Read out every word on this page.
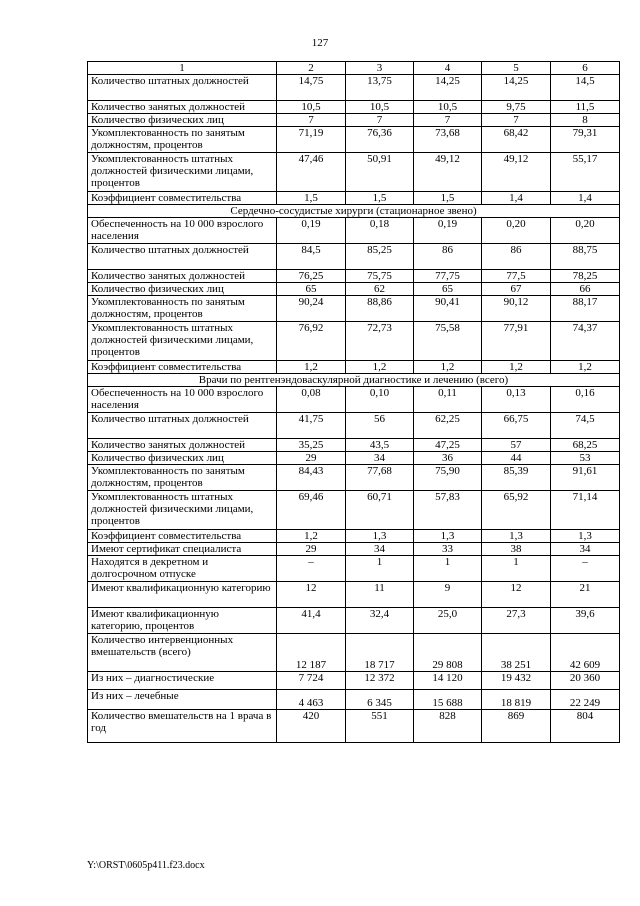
127
1	2	3	4	5	6
Количество штатных должностей	14,75	13,75	14,25	14,25	14,5
Количество занятых должностей	10,5	10,5	10,5	9,75	11,5
Количество физических лиц	7	7	7	7	8
Укомплектованность по занятым должностям, процентов	71,19	76,36	73,68	68,42	79,31
Укомплектованность штатных должностей физическими лицами, процентов	47,46	50,91	49,12	49,12	55,17
Коэффициент совместительства	1,5	1,5	1,5	1,4	1,4
Сердечно-сосудистые хирурги (стационарное звено)					
Обеспеченность на 10 000 взрослого населения	0,19	0,18	0,19	0,20	0,20
Количество штатных должностей	84,5	85,25	86	86	88,75
Количество занятых должностей	76,25	75,75	77,75	77,5	78,25
Количество физических лиц	65	62	65	67	66
Укомплектованность по занятым должностям, процентов	90,24	88,86	90,41	90,12	88,17
Укомплектованность штатных должностей физическими лицами, процентов	76,92	72,73	75,58	77,91	74,37
Коэффициент совместительства	1,2	1,2	1,2	1,2	1,2
Врачи по рентгенэндоваскулярной диагностике и лечению (всего)					
Обеспеченность на 10 000 взрослого населения	0,08	0,10	0,11	0,13	0,16
Количество штатных должностей	41,75	56	62,25	66,75	74,5
Количество занятых должностей	35,25	43,5	47,25	57	68,25
Количество физических лиц	29	34	36	44	53
Укомплектованность по занятым должностям, процентов	84,43	77,68	75,90	85,39	91,61
Укомплектованность штатных должностей физическими лицами, процентов	69,46	60,71	57,83	65,92	71,14
Коэффициент совместительства	1,2	1,3	1,3	1,3	1,3
Имеют сертификат специалиста	29	34	33	38	34
Находятся в декретном и долгосрочном отпуске	–	1	1	1	–
Имеют квалификационную категорию	12	11	9	12	21
Имеют квалификационную категорию, процентов	41,4	32,4	25,0	27,3	39,6
Количество интервенционных вмешательств (всего)	12 187	18 717	29 808	38 251	42 609
Из них – диагностические	7 724	12 372	14 120	19 432	20 360
Из них – лечебные	4 463	6 345	15 688	18 819	22 249
Количество вмешательств на 1 врача в год	420	551	828	869	804
Y:\ORST\0605p411.f23.docx
